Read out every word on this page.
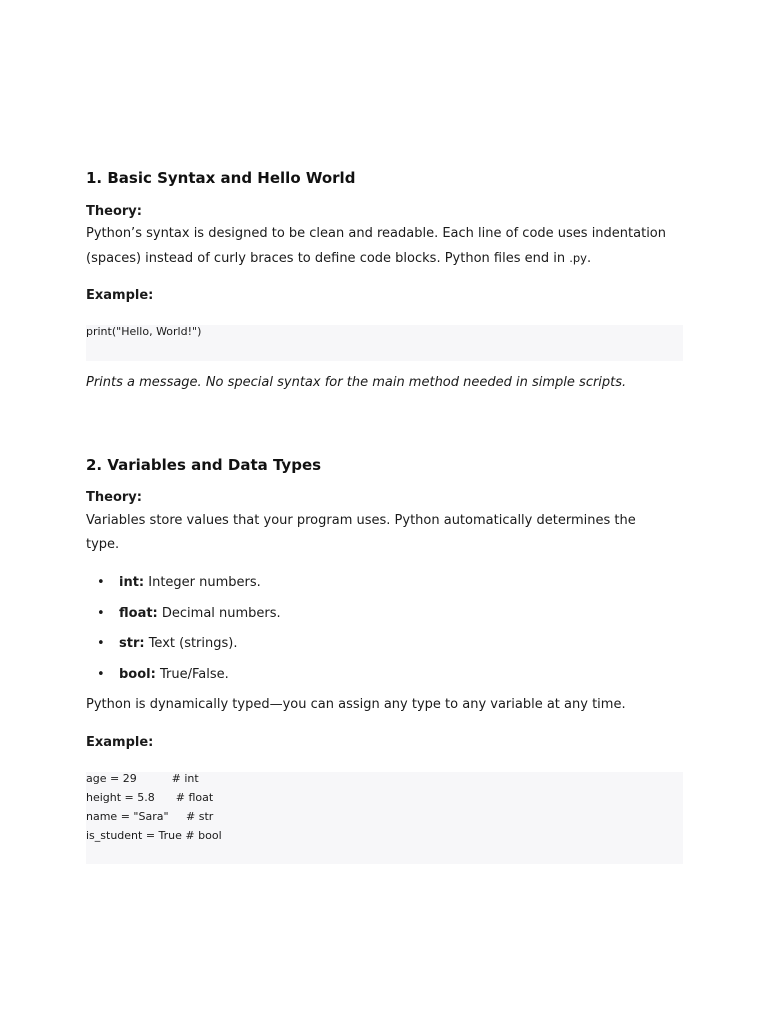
1. Basic Syntax and Hello World
Theory:

Python’s syntax is designed to be clean and readable. Each line of code uses indentation (spaces) instead of curly braces to define code blocks. Python files end in .py.

Example:
print("Hello, World!")

Prints a message. No special syntax for the main method needed in simple scripts.

2. Variables and Data Types
Theory:

Variables store values that your program uses. Python automatically determines the type.

• int: Integer numbers.
• float: Decimal numbers.
• str: Text (strings).
• bool: True/False.

Python is dynamically typed—you can assign any type to any variable at any time.

Example:
age = 29          # int
height = 5.8      # float
name = "Sara"     # str
is_student = True # bool
